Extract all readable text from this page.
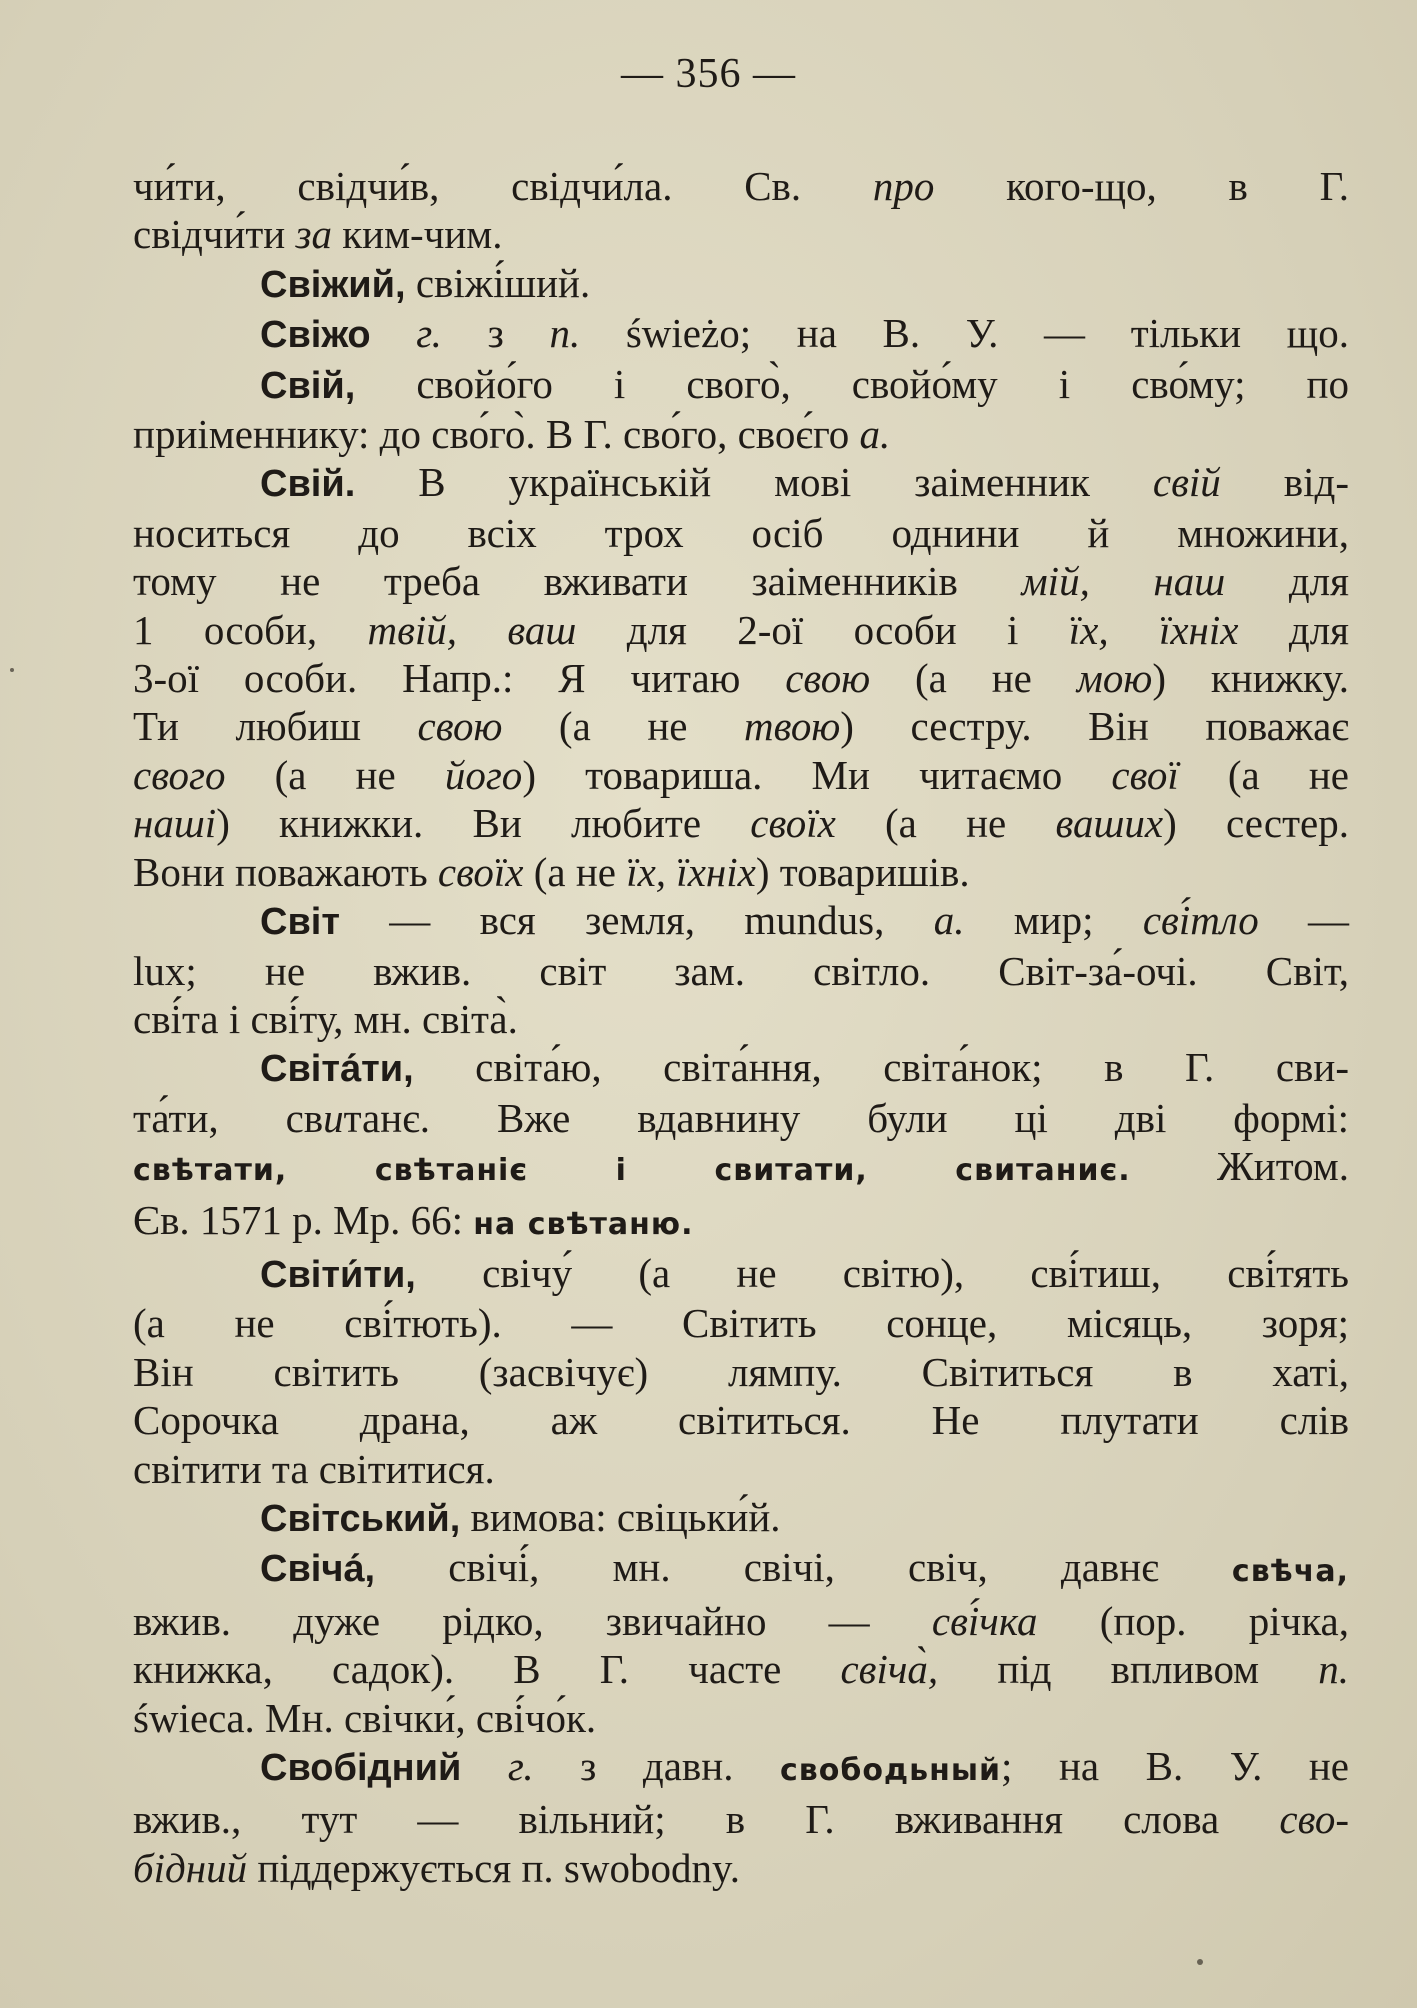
— 356 —
чи́ти, свідчи́в, свідчи́ла. Св. про кого-що, в Г.
свідчи́ти за ким-чим.
Свіжий, свіжі́ший.
Свіжо г. з п. świeżo; на В. У. — тільки що.
Свій, свойо́го і свого̀, свойо́му і сво́му; по
приіменнику: до сво́го̀. В Г. сво́го, своє́го а.
Свій. В українській мові заіменник свій від-
носиться до всіх трох осіб однини й множини,
тому не треба вживати заіменників мій, наш для
1 особи, твій, ваш для 2-ої особи і їх, їхніх для
3-ої особи. Напр.: Я читаю свою (а не мою) книжку.
Ти любиш свою (а не твою) сестру. Він поважає
свого (а не його) товариша. Ми читаємо свої (а не
наші) книжки. Ви любите своїх (а не ваших) сестер.
Вони поважають своїх (а не їх, їхніх) товаришів.
Світ — вся земля, mundus, а. мир; сві́тло —
lux; не вжив. світ зам. світло. Світ-за́-очі. Світ,
сві́та і сві́ту, мн. світа̀.
Світа́ти, світа́ю, світа́ння, світа́нок; в Г. сви-
та́ти, свитанє. Вже вдавнину були ці дві формі:
свѣтати, свѣтаніє і свитати, свитаниє. Житом.
Єв. 1571 р. Мр. 66: на свѣтаню.
Світи́ти, свічу́ (а не світю), сві́тиш, сві́тять
(а не сві́тють). — Світить сонце, місяць, зоря;
Він світить (засвічує) лямпу. Світиться в хаті,
Сорочка драна, аж світиться. Не плутати слів
світити та світитися.
Світський, вимова: свіцьки́й.
Свіча́, свічі́, мн. свічі, свіч, давнє свѣча,
вжив. дуже рідко, звичайно — сві́чка (пор. річка,
книжка, садок). В Г. часте свіча̀, під впливом п.
świeca. Мн. свічки́, сві́чо́к.
Свобідний г. з давн. свободьный; на В. У. не
вжив., тут — вільний; в Г. вживання слова сво-
бідний піддержується п. swobodny.
